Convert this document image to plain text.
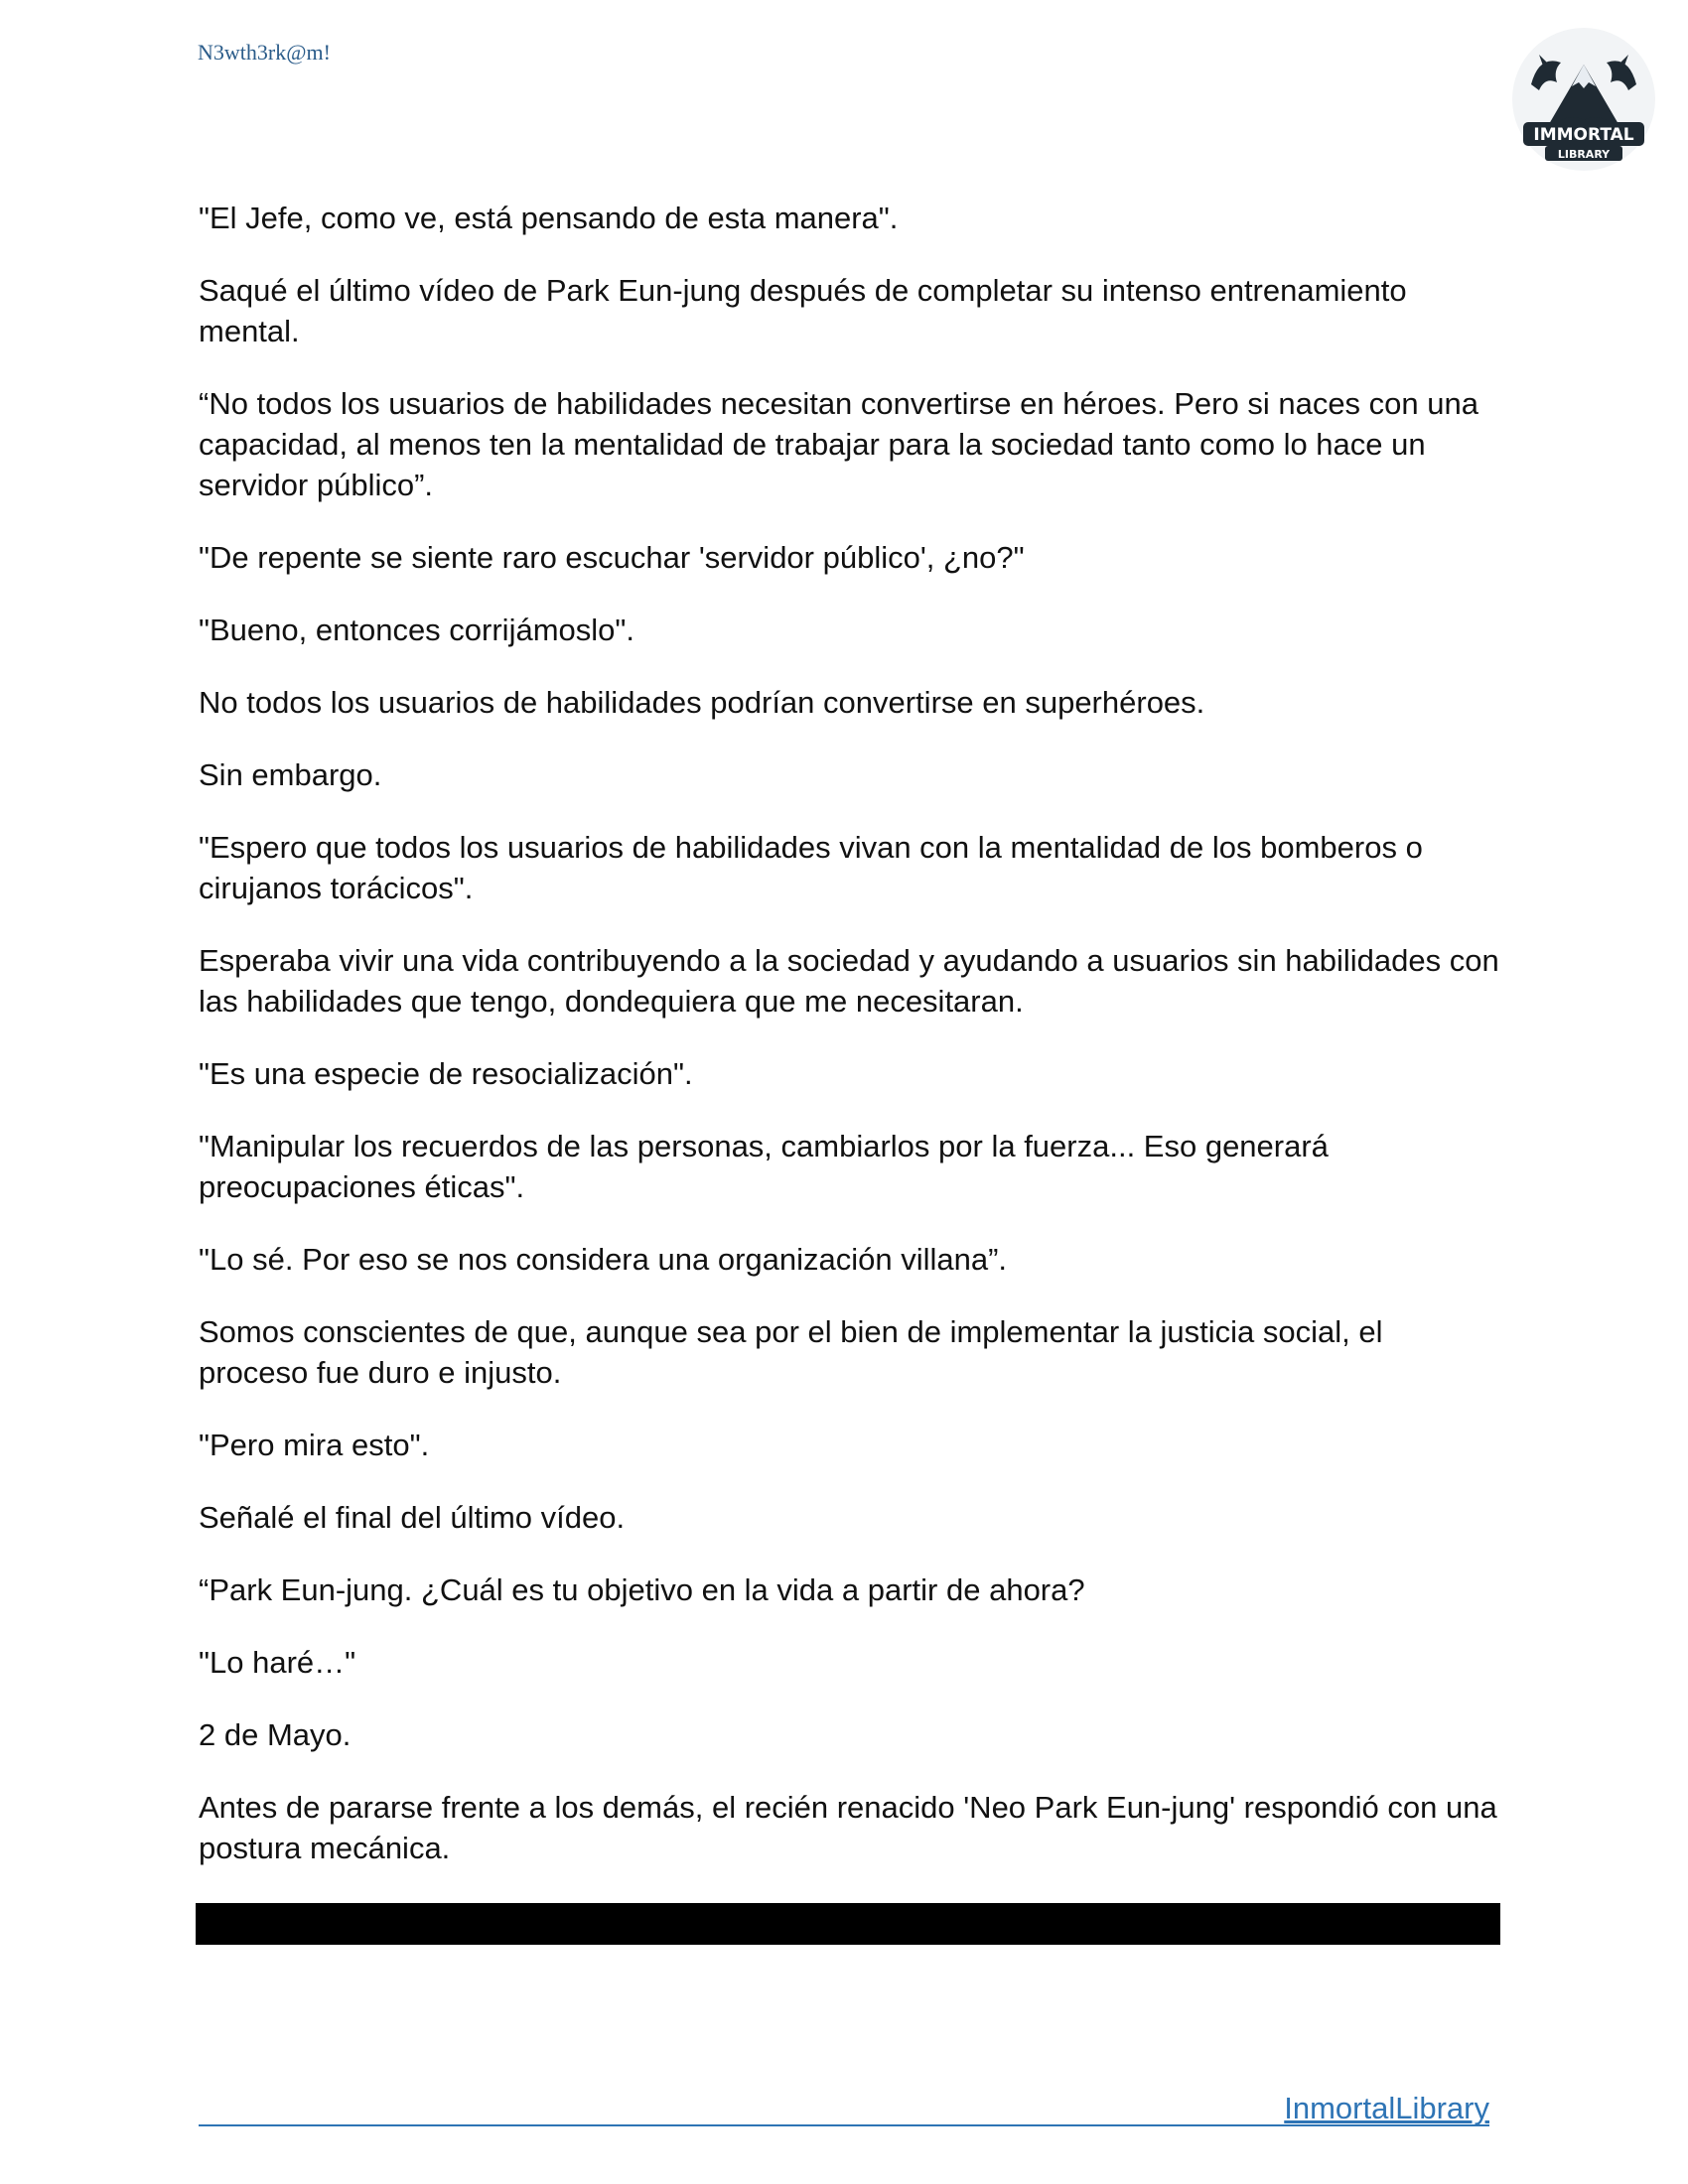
N3wth3rk@m!
IMMORTAL
LIBRARY

"El Jefe, como ve, está pensando de esta manera".

Saqué el último vídeo de Park Eun-jung después de completar su intenso entrenamiento mental.

“No todos los usuarios de habilidades necesitan convertirse en héroes. Pero si naces con una capacidad, al menos ten la mentalidad de trabajar para la sociedad tanto como lo hace un servidor público”.

"De repente se siente raro escuchar 'servidor público', ¿no?"

"Bueno, entonces corrijámoslo".

No todos los usuarios de habilidades podrían convertirse en superhéroes.

Sin embargo.

"Espero que todos los usuarios de habilidades vivan con la mentalidad de los bomberos o cirujanos torácicos".

Esperaba vivir una vida contribuyendo a la sociedad y ayudando a usuarios sin habilidades con las habilidades que tengo, dondequiera que me necesitaran.

"Es una especie de resocialización".

"Manipular los recuerdos de las personas, cambiarlos por la fuerza... Eso generará preocupaciones éticas".

"Lo sé. Por eso se nos considera una organización villana”.

Somos conscientes de que, aunque sea por el bien de implementar la justicia social, el proceso fue duro e injusto.

"Pero mira esto".

Señalé el final del último vídeo.

“Park Eun-jung. ¿Cuál es tu objetivo en la vida a partir de ahora?

"Lo haré…"

2 de Mayo.

Antes de pararse frente a los demás, el recién renacido 'Neo Park Eun-jung' respondió con una postura mecánica.

InmortalLibrary
